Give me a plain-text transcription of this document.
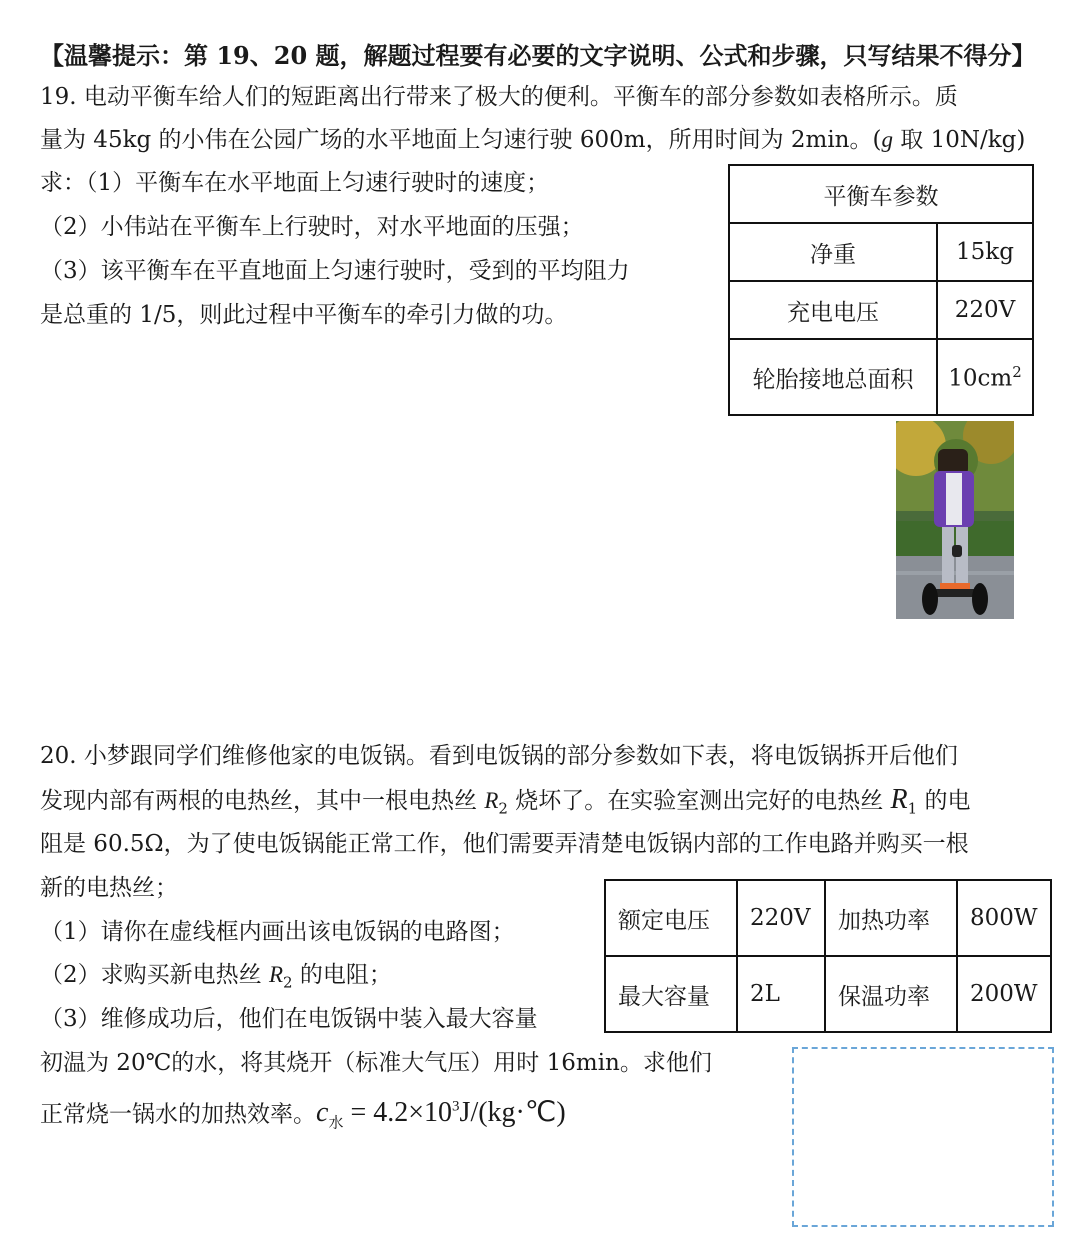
【温馨提示：第 19、20 题，解题过程要有必要的文字说明、公式和步骤，只写结果不得分】
19. 电动平衡车给人们的短距离出行带来了极大的便利。平衡车的部分参数如表格所示。质
量为 45kg 的小伟在公园广场的水平地面上匀速行驶 600m，所用时间为 2min。(g 取 10N/kg)
求：（1）平衡车在水平地面上匀速行驶时的速度；
（2）小伟站在平衡车上行驶时，对水平地面的压强；
（3）该平衡车在平直地面上匀速行驶时，受到的平均阻力
是总重的 1/5，则此过程中平衡车的牵引力做的功。
平衡车参数	
净重	15kg
充电电压	220V
轮胎接地总面积	$10cm^2$
20. 小梦跟同学们维修他家的电饭锅。看到电饭锅的部分参数如下表，将电饭锅拆开后他们
发现内部有两根的电热丝，其中一根电热丝 $R_2$ 烧坏了。在实验室测出完好的电热丝 $R_1$ 的电
阻是 60.5Ω，为了使电饭锅能正常工作，他们需要弄清楚电饭锅内部的工作电路并购买一根
新的电热丝；
（1）请你在虚线框内画出该电饭锅的电路图；
（2）求购买新电热丝 $R_2$ 的电阻；
（3）维修成功后，他们在电饭锅中装入最大容量
初温为 20℃的水，将其烧开（标准大气压）用时 16min。求他们
正常烧一锅水的加热效率。$c_水$ = $4.2\times 10^3J/(kg\cdot℃)$
额定电压	220V	加热功率	800W
最大容量	2L	保温功率	200W
